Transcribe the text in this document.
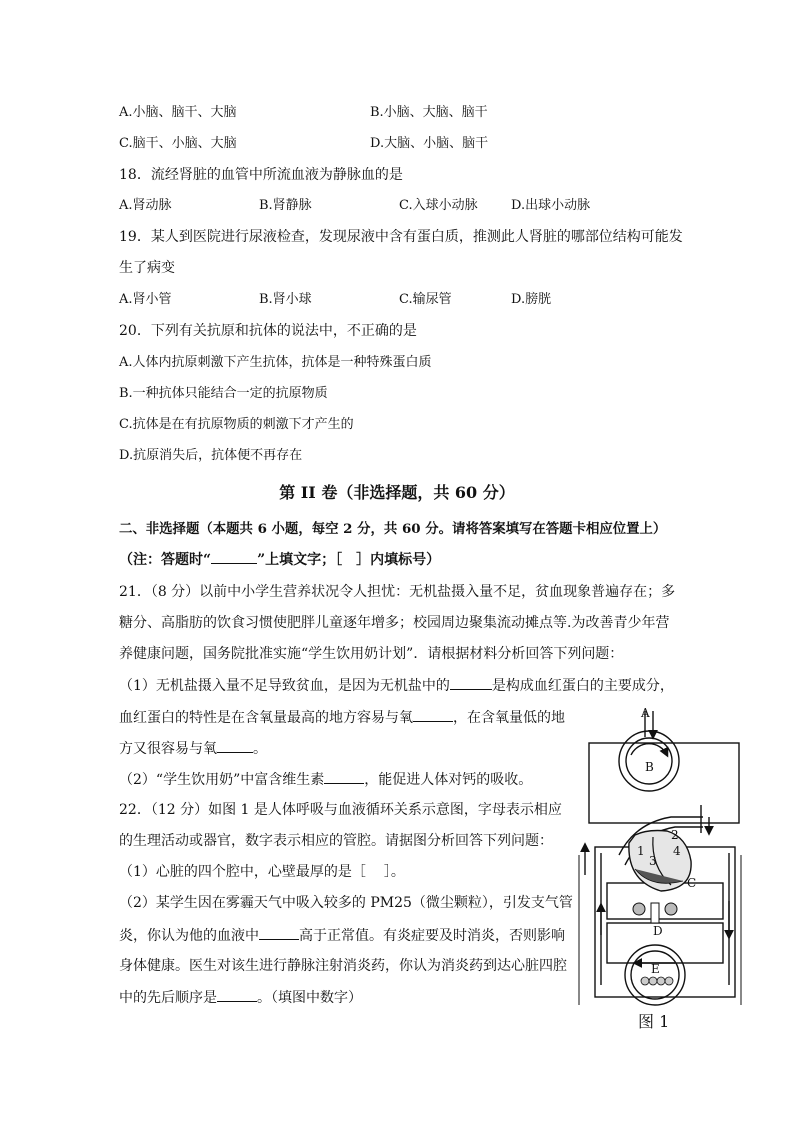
A.小脑、脑干、大脑	B.小脑、大脑、脑干
C.脑干、小脑、大脑	D.大脑、小脑、脑干
18．流经肾脏的血管中所流血液为静脉血的是
A.肾动脉	B.肾静脉	C.入球小动脉	D.出球小动脉
19．某人到医院进行尿液检查，发现尿液中含有蛋白质，推测此人肾脏的哪部位结构可能发
生了病变
A.肾小管	B.肾小球	C.输尿管	D.膀胱
20．下列有关抗原和抗体的说法中，不正确的是
A.人体内抗原刺激下产生抗体，抗体是一种特殊蛋白质
B.一种抗体只能结合一定的抗原物质
C.抗体是在有抗原物质的刺激下才产生的
D.抗原消失后，抗体便不再存在
第 II 卷（非选择题，共 60 分）
二、非选择题（本题共 6 小题，每空 2 分，共 60 分。请将答案填写在答题卡相应位置上）
（注：答题时“	”上填文字；［　］内填标号）
21．（8 分）以前中小学生营养状况令人担忧：无机盐摄入量不足，贫血现象普遍存在；多
糖分、高脂肪的饮食习惯使肥胖儿童逐年增多；校园周边聚集流动摊点等.为改善青少年营
养健康问题，国务院批准实施“学生饮用奶计划”．请根据材料分析回答下列问题：
（1）无机盐摄入量不足导致贫血，是因为无机盐中的	是构成血红蛋白的主要成分，
血红蛋白的特性是在含氧量最高的地方容易与氧	，在含氧量低的地
方又很容易与氧	。
（2）“学生饮用奶”中富含维生素	，能促进人体对钙的吸收。
22．（12 分）如图 1 是人体呼吸与血液循环关系示意图，字母表示相应
的生理活动或器官，数字表示相应的管腔。请据图分析回答下列问题：
（1）心脏的四个腔中，心壁最厚的是［ ］。
（2）某学生因在雾霾天气中吸入较多的 PM25（微尘颗粒），引发支气管
炎，你认为他的血液中	高于正常值。有炎症要及时消炎，否则影响
身体健康。医生对该生进行静脉注射消炎药，你认为消炎药到达心脏四腔
中的先后顺序是	。（填图中数字）
A
B
C
D
E
1
2
3
4
图 1
